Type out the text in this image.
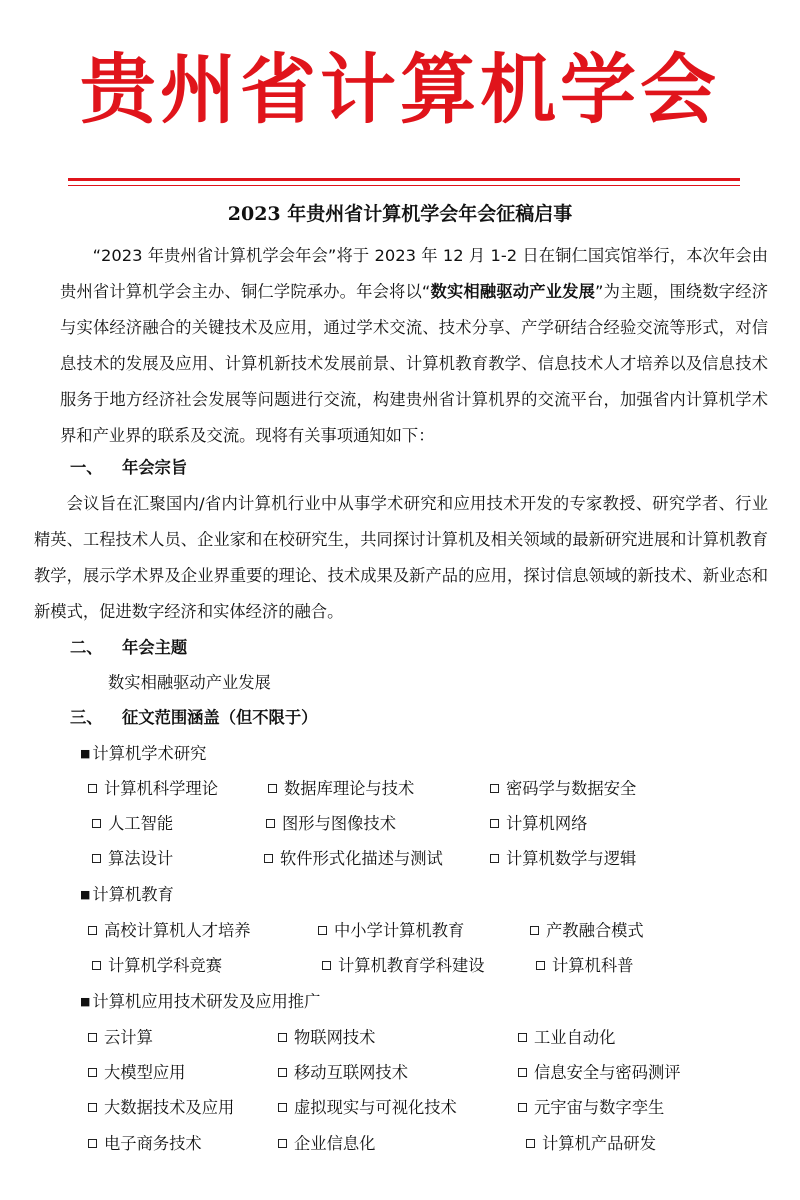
贵州省计算机学会
2023 年贵州省计算机学会年会征稿启事

“2023 年贵州省计算机学会年会”将于 2023 年 12 月 1-2 日在铜仁国宾馆举行，本次年会由贵州省计算机学会主办、铜仁学院承办。年会将以“数实相融驱动产业发展”为主题，围绕数字经济与实体经济融合的关键技术及应用，通过学术交流、技术分享、产学研结合经验交流等形式，对信息技术的发展及应用、计算机新技术发展前景、计算机教育教学、信息技术人才培养以及信息技术服务于地方经济社会发展等问题进行交流，构建贵州省计算机界的交流平台，加强省内计算机学术界和产业界的联系及交流。现将有关事项通知如下：

一、 年会宗旨

会议旨在汇聚国内/省内计算机行业中从事学术研究和应用技术开发的专家教授、研究学者、行业精英、工程技术人员、企业家和在校研究生，共同探讨计算机及相关领域的最新研究进展和计算机教育教学，展示学术界及企业界重要的理论、技术成果及新产品的应用，探讨信息领域的新技术、新业态和新模式，促进数字经济和实体经济的融合。

二、 年会主题
数实相融驱动产业发展
三、 征文范围涵盖（但不限于）
■ 计算机学术研究
计算机科学理论	数据库理论与技术	密码学与数据安全
人工智能	图形与图像技术	计算机网络
算法设计	软件形式化描述与测试	计算机数学与逻辑
■ 计算机教育
高校计算机人才培养	中小学计算机教育	产教融合模式
计算机学科竞赛	计算机教育学科建设	计算机科普
■ 计算机应用技术研发及应用推广
云计算	物联网技术	工业自动化
大模型应用	移动互联网技术	信息安全与密码测评
大数据技术及应用	虚拟现实与可视化技术	元宇宙与数字孪生
电子商务技术	企业信息化	计算机产品研发
